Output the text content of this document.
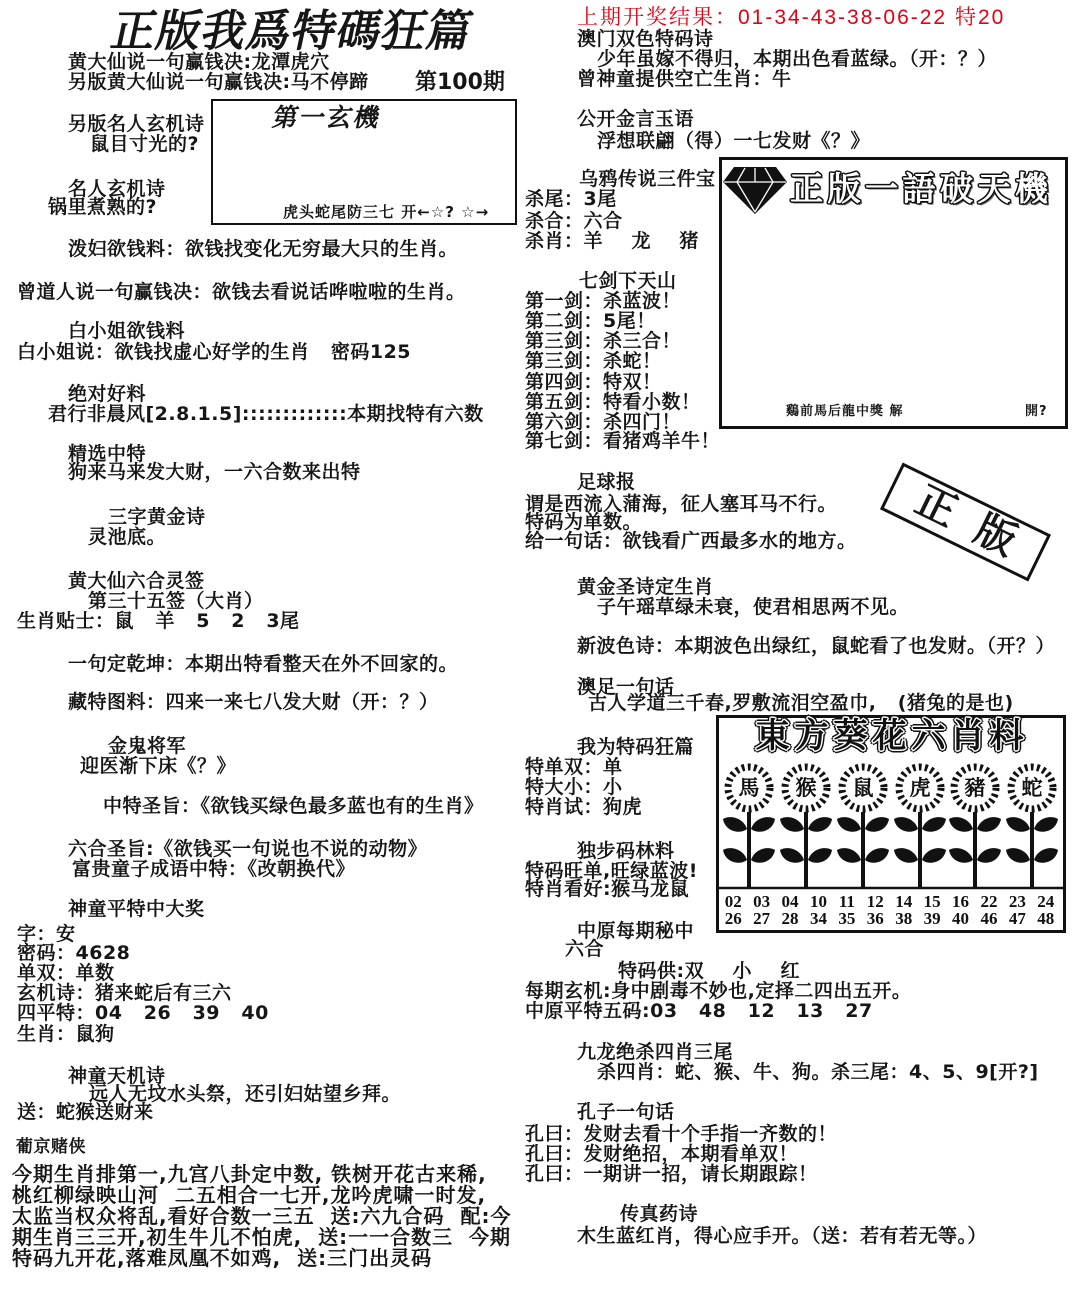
正版我爲特碼狂篇
第100期
上期开奖结果：01-34-43-38-06-22 特20
黄大仙说一句赢钱决:龙潭虎穴
另版黄大仙说一句赢钱决:马不停蹄
第一玄機
虎头蛇尾防三七 开←☆? ☆→
另版名人玄机诗
鼠目寸光的?
名人玄机诗
锅里煮熟的?
泼妇欲钱料：欲钱找变化无穷最大只的生肖。
曾道人说一句赢钱决：欲钱去看说话哗啦啦的生肖。
白小姐欲钱料
白小姐说：欲钱找虚心好学的生肖   密码125
绝对好料
君行非晨风[2.8.1.5]:::::::::::::本期找特有六数
精选中特
狗来马来发大财，一六合数来出特
三字黄金诗
灵池底。
黄大仙六合灵签
第三十五签（大肖）
生肖贴士：鼠   羊   5   2   3尾
一句定乾坤：本期出特看整天在外不回家的。
藏特图料：四来一来七八发大财（开：？）
金鬼将军
迎医渐下床《？》
中特圣旨：《欲钱买绿色最多蓝也有的生肖》
六合圣旨:《欲钱买一句说也不说的动物》
富贵童子成语中特：《改朝换代》
神童平特中大奖
字：安
密码：4628
单双：单数
玄机诗：猪来蛇后有三六
四平特：04   26   39   40
生肖：鼠狗
神童天机诗
远人无坟水头祭，还引妇姑望乡拜。
送：蛇猴送财来
葡京赌侠
今期生肖排第一,九宫八卦定中数, 铁树开花古来稀,
桃红柳绿映山河  二五相合一七开,龙吟虎啸一时发,
太监当权众将乱,看好合数一三五  送:六九合码  配:今
期生肖三三开,初生牛儿不怕虎,  送:一一合数三  今期
特码九开花,落难凤凰不如鸡,  送:三门出灵码
澳门双色特码诗
少年虽嫁不得归，本期出色看蓝绿。（开：？）
曾神童提供空亡生肖：牛
公开金言玉语
浮想联翩（得）一七发财《？》
乌鸦传说三件宝
杀尾：3尾
杀合：六合
杀肖：羊    龙    猪
七剑下天山
第一剑：杀蓝波！
第二剑：5尾！
第三剑：杀三合！
第三剑：杀蛇！
第四剑：特双！
第五剑：特看小数！
第六剑：杀四门！
第七剑：看猪鸡羊牛！
正版一語破天機
鷄前馬后龍中獎 解	開?
足球报
谓是西流入蒲海，征人塞耳马不行。
特码为单数。
给一句话：欲钱看广西最多水的地方。	正版
黄金圣诗定生肖
子午瑶草绿未衰，使君相思两不见。
新波色诗：本期波色出绿红，鼠蛇看了也发财。（开？）
澳足一句话
古人学道三千春,罗敷流泪空盈巾,   (猪兔的是也)
東方葵花六肖料
馬 猴 鼠 虎 豬 蛇
02 03 04 10 11 12 14 15 16 22 23 24
26 27 28 34 35 36 38 39 40 46 47 48
我为特码狂篇
特单双：单
特大小：小
特肖试：狗虎
独步码林料
特码旺单,旺绿蓝波!
特肖看好:猴马龙鼠
中原每期秘中
六合
特码供:双    小    红
每期玄机:身中剧毒不妙也,定择二四出五开。
中原平特五码:03   48   12   13   27
九龙绝杀四肖三尾
杀四肖：蛇、猴、牛、狗。杀三尾：4、5、9[开?]
孔子一句话
孔曰：发财去看十个手指一齐数的！
孔曰：发财绝招，本期看单双！
孔曰：一期讲一招，请长期跟踪！
传真药诗
木生蓝红肖，得心应手开。（送：若有若无等。）
